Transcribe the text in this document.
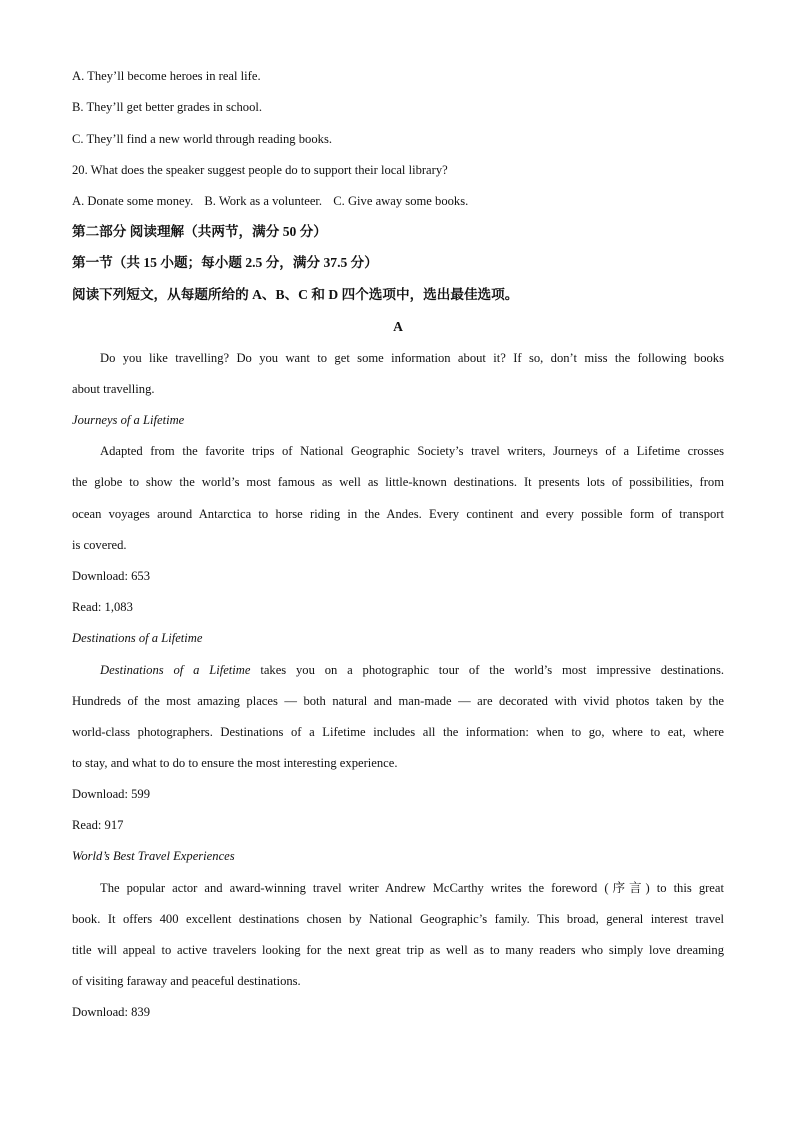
A. They’ll become heroes in real life.
B. They’ll get better grades in school.
C. They’ll find a new world through reading books.
20. What does the speaker suggest people do to support their local library?
A. Donate some money. B. Work as a volunteer. C. Give away some books.
第二部分 阅读理解（共两节，满分 50 分）
第一节（共 15 小题；每小题 2.5 分，满分 37.5 分）
阅读下列短文，从每题所给的 A、B、C 和 D 四个选项中，选出最佳选项。
A
Do you like travelling? Do you want to get some information about it? If so, don’t miss the following books
about travelling.
Journeys of a Lifetime
Adapted from the favorite trips of National Geographic Society’s travel writers, Journeys of a Lifetime crosses
the globe to show the world’s most famous as well as little-known destinations. It presents lots of possibilities, from
ocean voyages around Antarctica to horse riding in the Andes. Every continent and every possible form of transport
is covered.
Download: 653
Read: 1,083
Destinations of a Lifetime
Destinations of a Lifetime takes you on a photographic tour of the world’s most impressive destinations.
Hundreds of the most amazing places — both natural and man-made — are decorated with vivid photos taken by the
world-class photographers. Destinations of a Lifetime includes all the information: when to go, where to eat, where
to stay, and what to do to ensure the most interesting experience.
Download: 599
Read: 917
World’s Best Travel Experiences
The popular actor and award-winning travel writer Andrew McCarthy writes the foreword (序言) to this great
book. It offers 400 excellent destinations chosen by National Geographic’s family. This broad, general interest travel
title will appeal to active travelers looking for the next great trip as well as to many readers who simply love dreaming
of visiting faraway and peaceful destinations.
Download: 839
